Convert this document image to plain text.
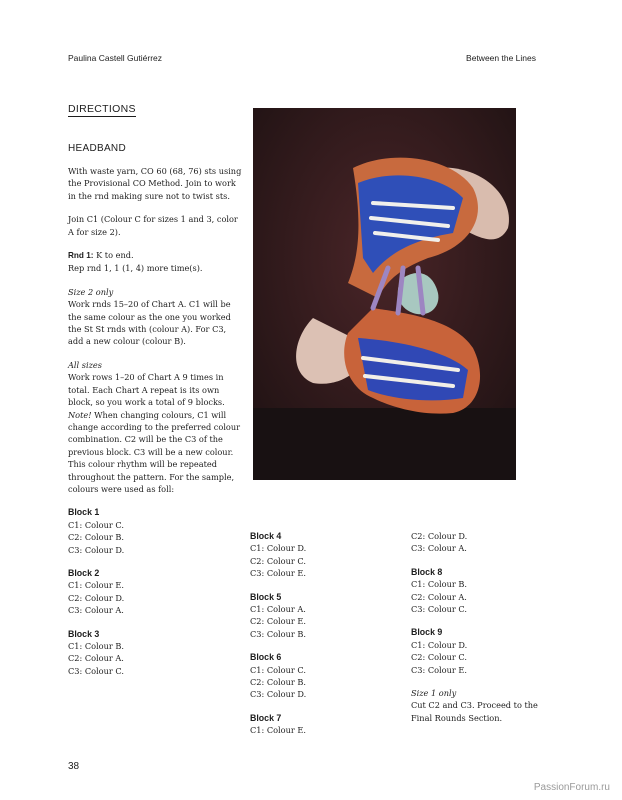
Paulina Castell Gutiérrez	Between the Lines
DIRECTIONS
HEADBAND

With waste yarn, CO 60 (68, 76) sts using the Provisional CO Method. Join to work in the rnd making sure not to twist sts.

Join C1 (Colour C for sizes 1 and 3, color A for size 2).

Rnd 1: K to end.

Rep rnd 1, 1 (1, 4) more time(s).

Size 2 only

Work rnds 15–20 of Chart A. C1 will be the same colour as the one you worked the St St rnds with (colour A). For C3, add a new colour (colour B).

All sizes

Work rows 1–20 of Chart A 9 times in total. Each Chart A repeat is its own block, so you work a total of 9 blocks. Note! When changing colours, C1 will change according to the preferred colour combination. C2 will be the C3 of the previous block. C3 will be a new colour. This colour rhythm will be repeated throughout the pattern. For the sample, colours were used as foll:

Block 1
C1: Colour C.
C2: Colour B.
C3: Colour D.
Block 2
C1: Colour E.
C2: Colour D.
C3: Colour A.
Block 3
C1: Colour B.
C2: Colour A.
C3: Colour C.
Block 4
C1: Colour D.
C2: Colour C.
C3: Colour E.
Block 5
C1: Colour A.
C2: Colour E.
C3: Colour B.
Block 6
C1: Colour C.
C2: Colour B.
C3: Colour D.
Block 7
C1: Colour E.
C2: Colour D.
C3: Colour A.
Block 8
C1: Colour B.
C2: Colour A.
C3: Colour C.
Block 9
C1: Colour D.
C2: Colour C.
C3: Colour E.

Size 1 only

Cut C2 and C3. Proceed to the Final Rounds Section.

38
PassionForum.ru
